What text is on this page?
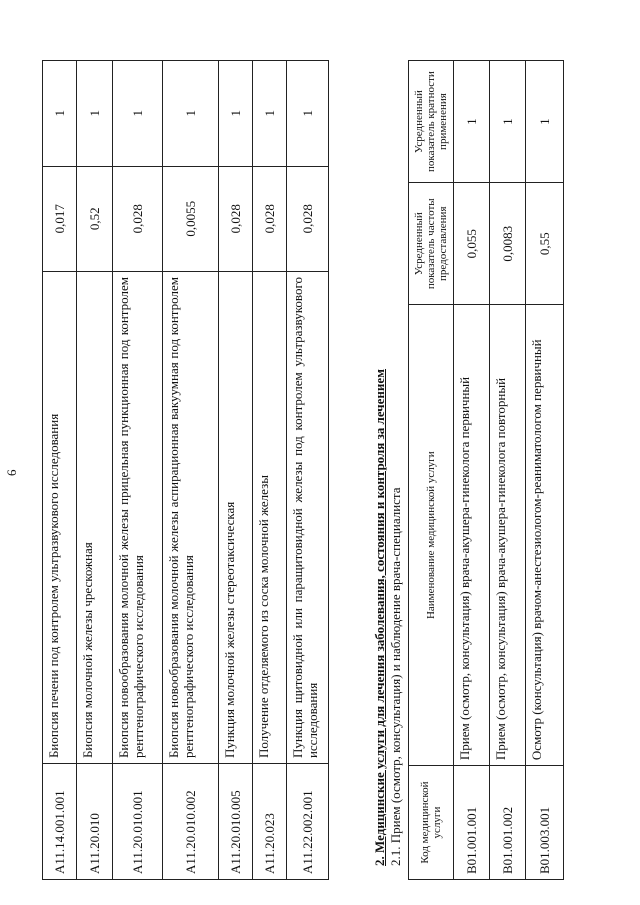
6
A11.14.001.001	Биопсия печени под контролем ультразвукового исследования	0,017	1
A11.20.010	Биопсия молочной железы чрескожная	0,52	1
A11.20.010.001	Биопсия новообразования молочной железы прицельная пункционная под контролем рентгенографического исследования	0,028	1
A11.20.010.002	Биопсия новообразования молочной железы аспирационная вакуумная под контролем рентгенографического исследования	0,0055	1
A11.20.010.005	Пункция молочной железы стереотаксическая	0,028	1
A11.20.023	Получение отделяемого из соска молочной железы	0,028	1
A11.22.002.001	Пункция щитовидной или паращитовидной железы под контролем ультразвукового исследования	0,028	1
2. Медицинские услуги для лечения заболевания, состояния и контроля за лечением 2.1. Прием (осмотр, консультация) и наблюдение врача-специалиста Код медицинской услуги	Наименование медицинской услуги	Усредненный показатель частоты предоставления	Усредненный показатель кратности применения
B01.001.001	Прием (осмотр, консультация) врача-акушера-гинеколога первичный	0,055	1
B01.001.002	Прием (осмотр, консультация) врача-акушера-гинеколога повторный	0,0083	1
B01.003.001	Осмотр (консультация) врачом-анестезиологом-реаниматологом первичный	0,55	1
